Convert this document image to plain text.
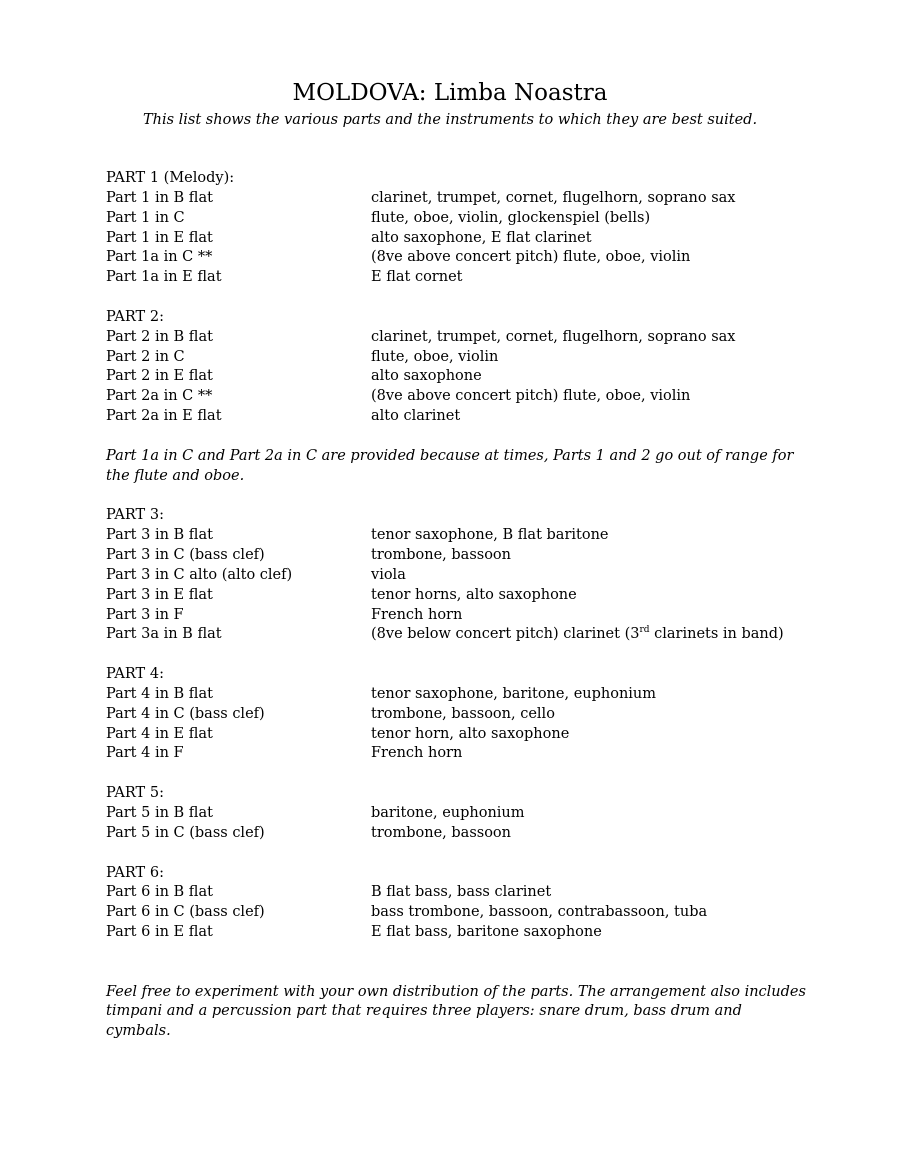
MOLDOVA: Limba Noastra
This list shows the various parts and the instruments to which they are best suited.
PART 1 (Melody):
Part 1 in B flat	clarinet, trumpet, cornet, flugelhorn, soprano sax
Part 1 in C	flute, oboe, violin, glockenspiel (bells)
Part 1 in E flat	alto saxophone, E flat clarinet
Part 1a in C **	(8ve above concert pitch) flute, oboe, violin
Part 1a in E flat	E flat cornet
PART 2:
Part 2 in B flat	clarinet, trumpet, cornet, flugelhorn, soprano sax
Part 2 in C	flute, oboe, violin
Part 2 in E flat	alto saxophone
Part 2a in C **	(8ve above concert pitch) flute, oboe, violin
Part 2a in E flat	alto clarinet
Part 1a in C and Part 2a in C are provided because at times, Parts 1 and 2 go out of range for the flute and oboe.
PART 3:
Part 3 in B flat	tenor saxophone, B flat baritone
Part 3 in C (bass clef)	trombone, bassoon
Part 3 in C alto (alto clef)	viola
Part 3 in E flat	tenor horns, alto saxophone
Part 3 in F	French horn
Part 3a in B flat	(8ve below concert pitch) clarinet (3rd clarinets in band)
PART 4:
Part 4 in B flat	tenor saxophone, baritone, euphonium
Part 4 in C (bass clef)	trombone, bassoon, cello
Part 4 in E flat	tenor horn, alto saxophone
Part 4 in F	French horn
PART 5:
Part 5 in B flat	baritone, euphonium
Part 5 in C (bass clef)	trombone, bassoon
PART 6:
Part 6 in B flat	B flat bass, bass clarinet
Part 6 in C (bass clef)	bass trombone, bassoon, contrabassoon, tuba
Part 6 in E flat	E flat bass, baritone saxophone
Feel free to experiment with your own distribution of the parts. The arrangement also includes timpani and a percussion part that requires three players: snare drum, bass drum and cymbals.
